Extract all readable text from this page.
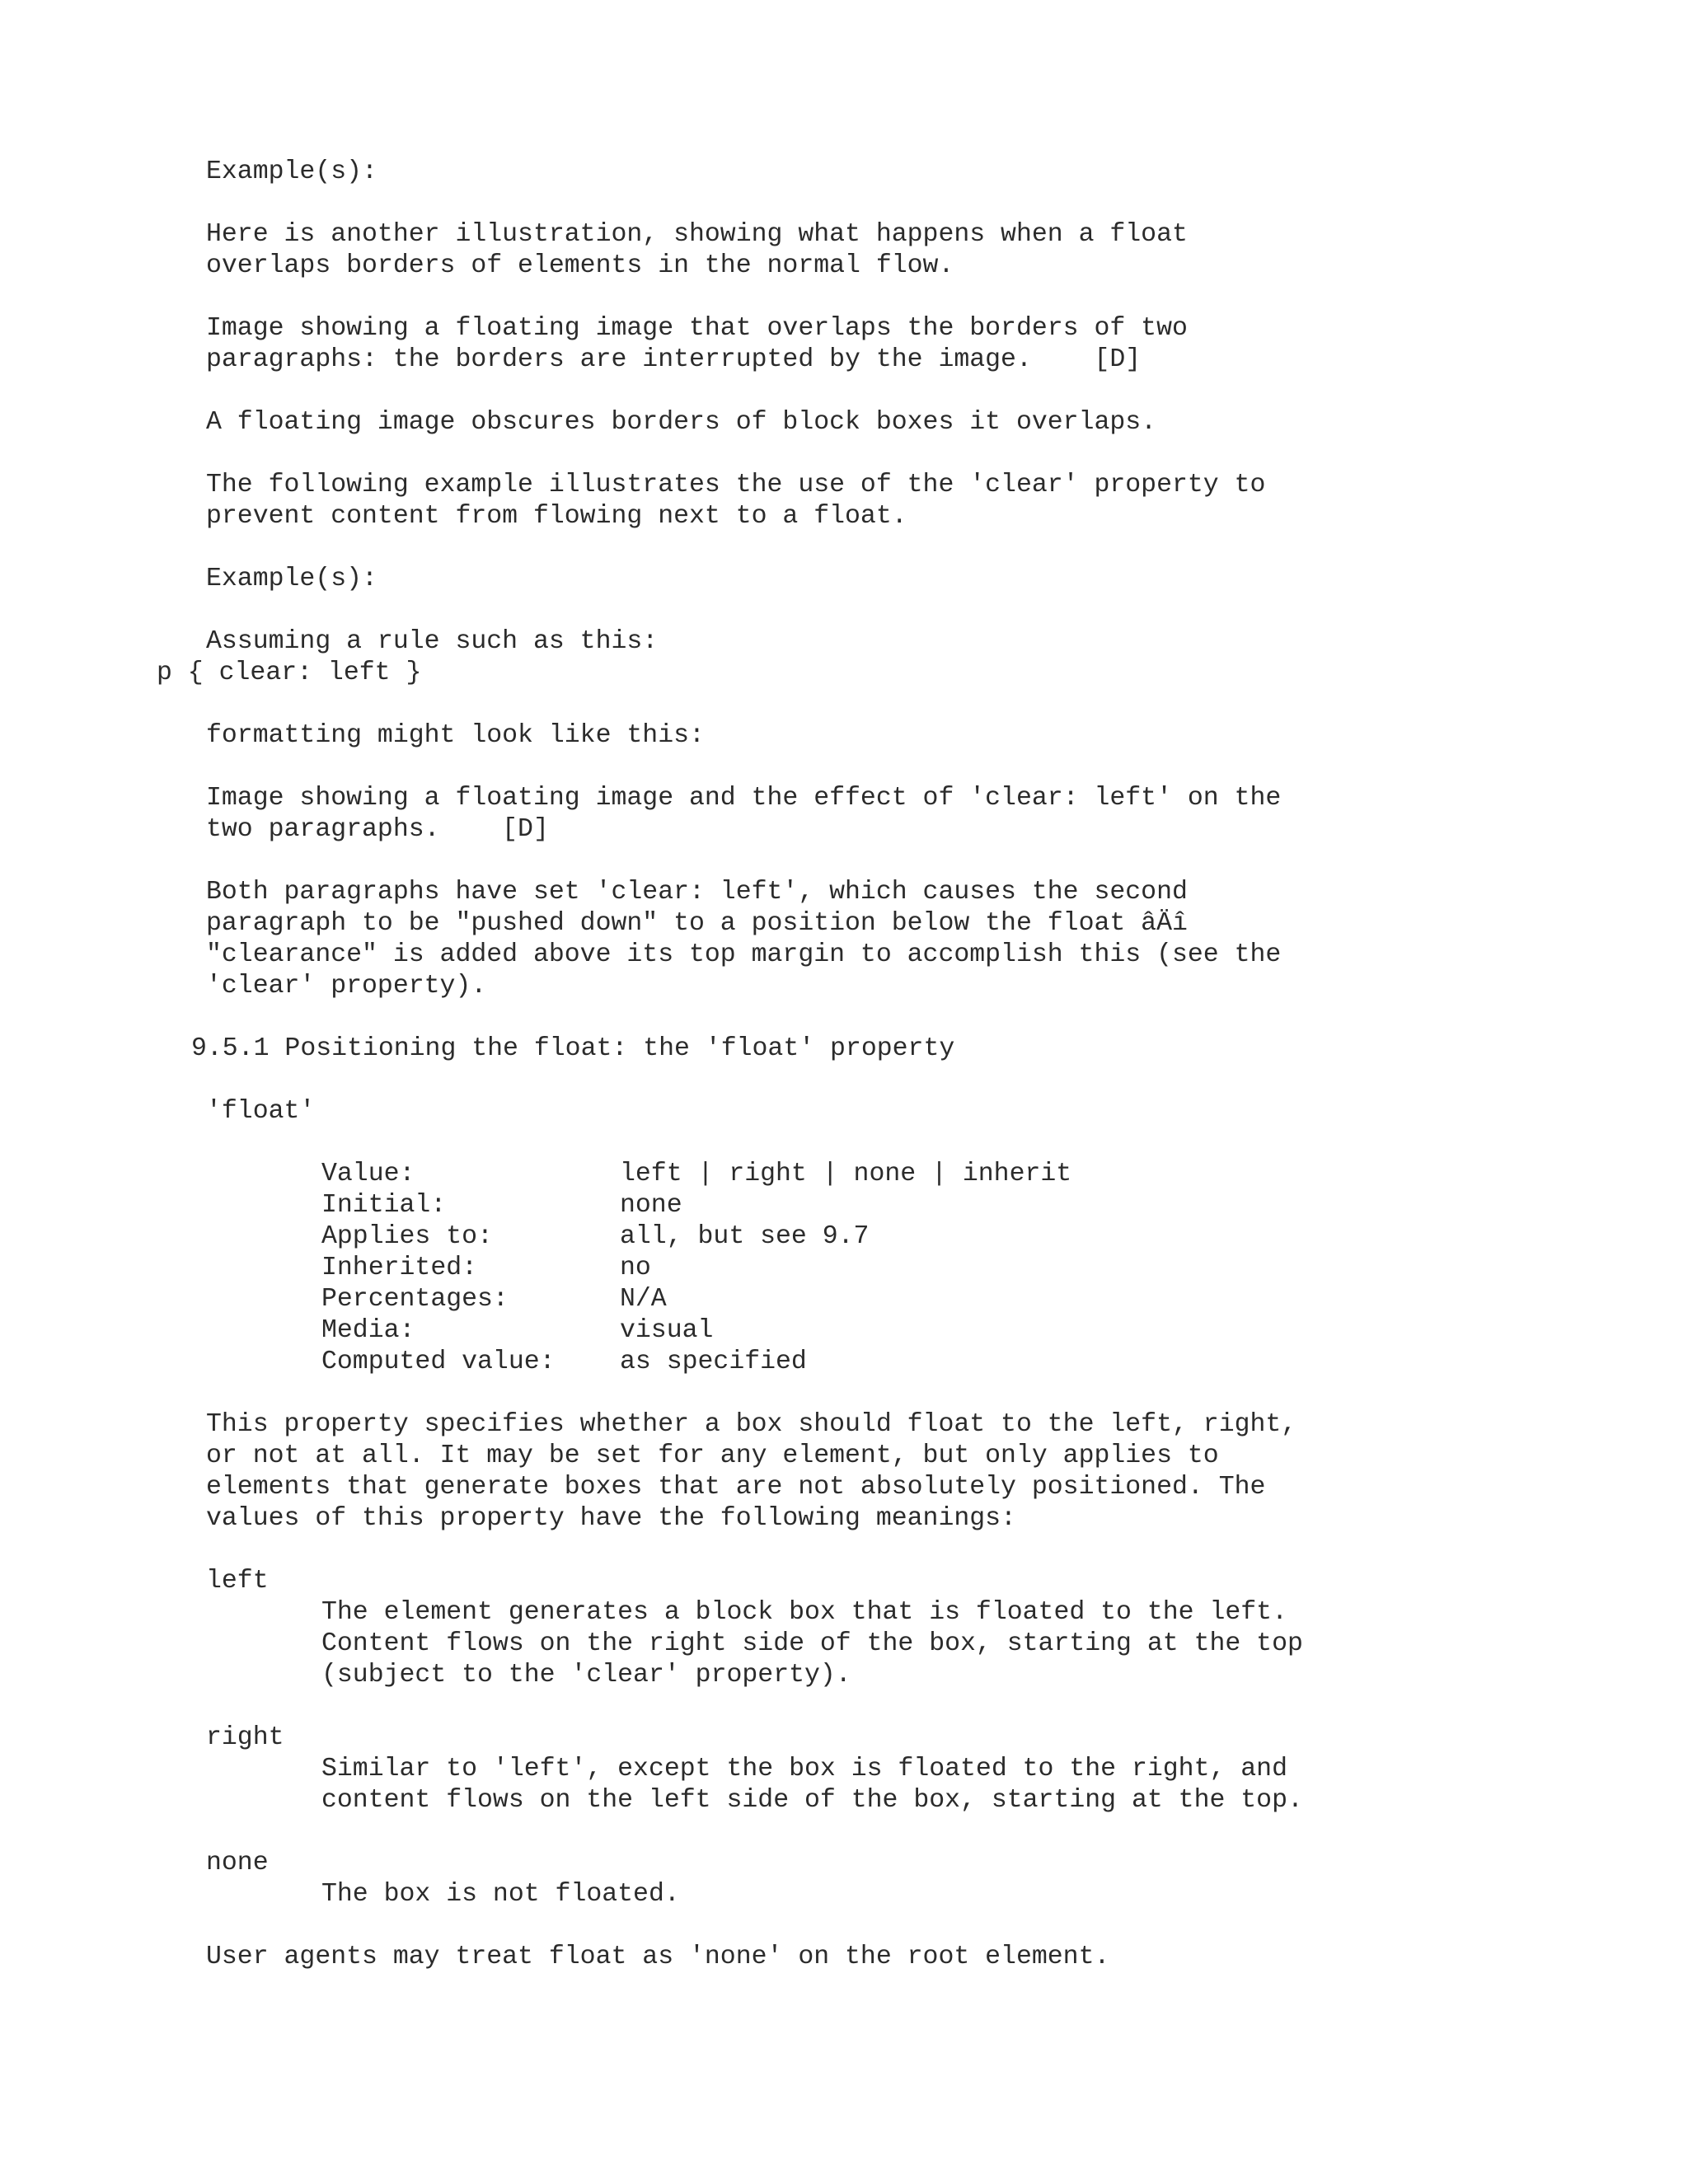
Example(s):
Here is another illustration, showing what happens when a float
overlaps borders of elements in the normal flow.
Image showing a floating image that overlaps the borders of two
paragraphs: the borders are interrupted by the image.    [D]
A floating image obscures borders of block boxes it overlaps.
The following example illustrates the use of the 'clear' property to
prevent content from flowing next to a float.
Example(s):
Assuming a rule such as this:
p { clear: left }
formatting might look like this:
Image showing a floating image and the effect of 'clear: left' on the
two paragraphs.    [D]
Both paragraphs have set 'clear: left', which causes the second
paragraph to be "pushed down" to a position below the float âÄî
"clearance" is added above its top margin to accomplish this (see the
'clear' property).
9.5.1 Positioning the float: the 'float' property
'float'
Value:	left | right | none | inherit
Initial:	none
Applies to:	all, but see 9.7
Inherited:	no
Percentages:	N/A
Media:	visual
Computed value: as specified
This property specifies whether a box should float to the left, right,
or not at all. It may be set for any element, but only applies to
elements that generate boxes that are not absolutely positioned. The
values of this property have the following meanings:
left
The element generates a block box that is floated to the left.
Content flows on the right side of the box, starting at the top
(subject to the 'clear' property).
right
Similar to 'left', except the box is floated to the right, and
content flows on the left side of the box, starting at the top.
none
The box is not floated.
User agents may treat float as 'none' on the root element.
